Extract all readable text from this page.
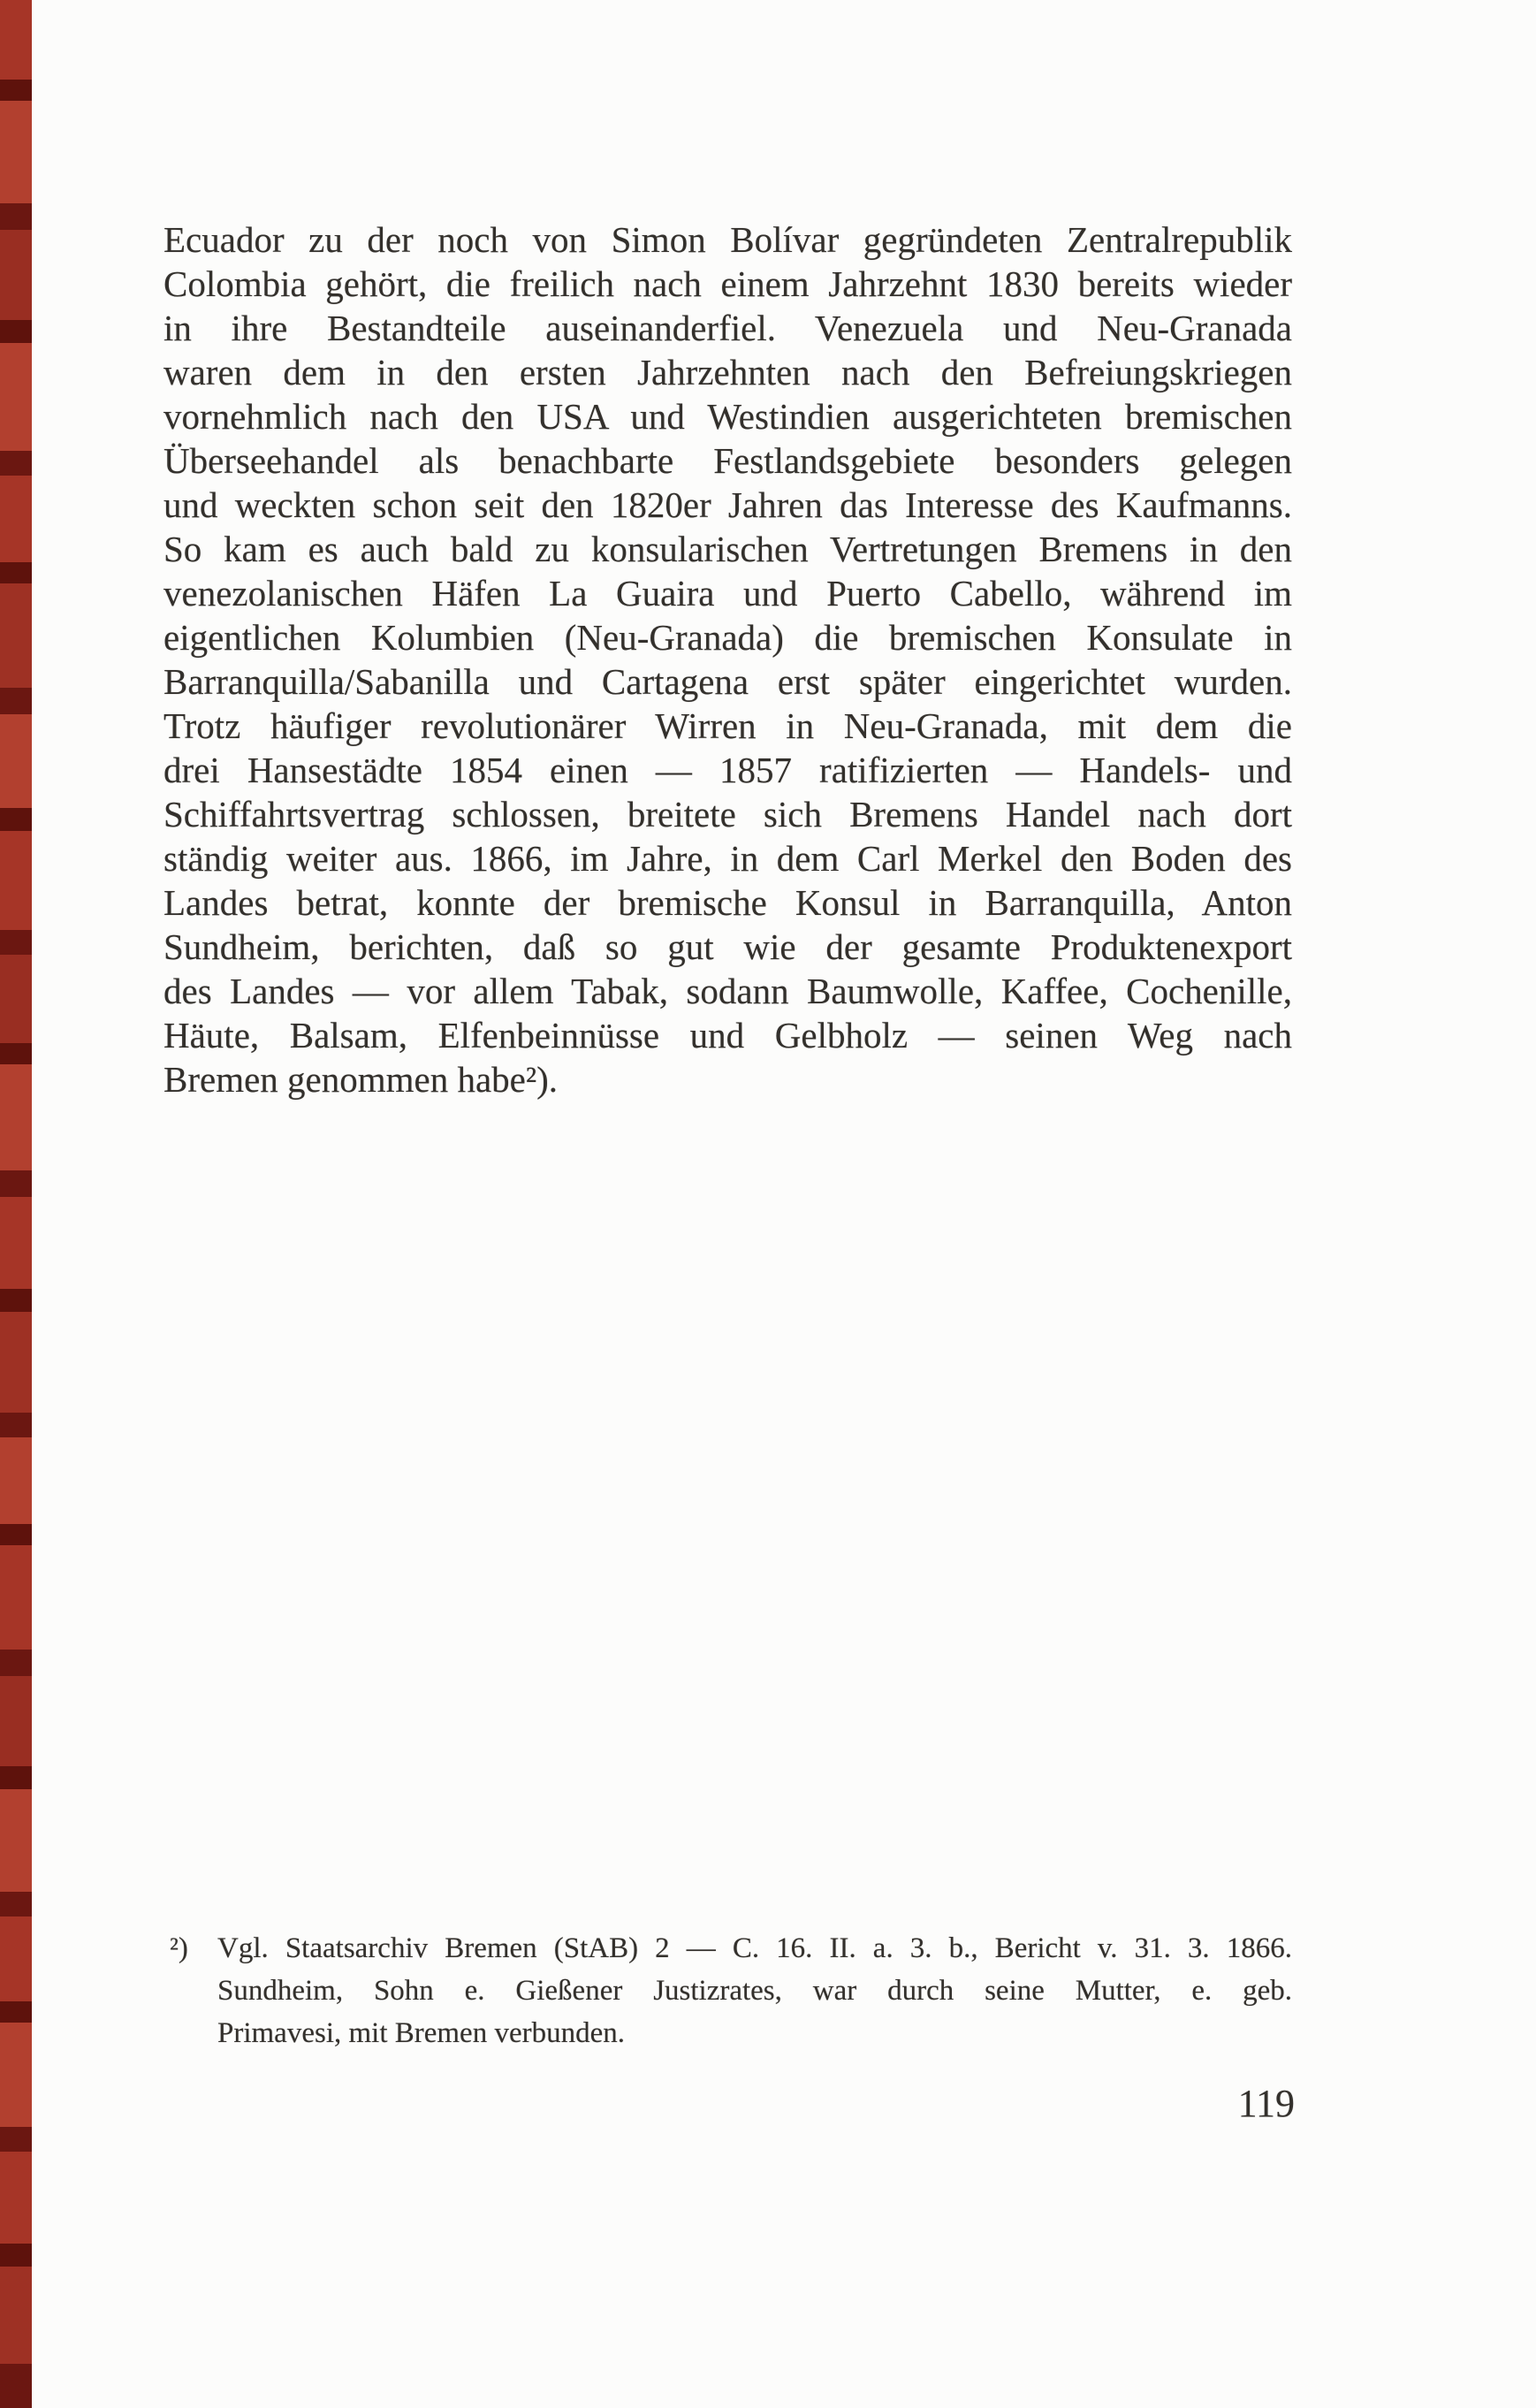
Ecuador zu der noch von Simon Bolívar gegründeten Zentralrepublik
Colombia gehört, die freilich nach einem Jahrzehnt 1830 bereits wieder
in ihre Bestandteile auseinanderfiel. Venezuela und Neu-Granada
waren dem in den ersten Jahrzehnten nach den Befreiungskriegen
vornehmlich nach den USA und Westindien ausgerichteten bremischen
Überseehandel als benachbarte Festlandsgebiete besonders gelegen
und weckten schon seit den 1820er Jahren das Interesse des Kaufmanns.
So kam es auch bald zu konsularischen Vertretungen Bremens in den
venezolanischen Häfen La Guaira und Puerto Cabello, während im
eigentlichen Kolumbien (Neu-Granada) die bremischen Konsulate in
Barranquilla/Sabanilla und Cartagena erst später eingerichtet wurden.
Trotz häufiger revolutionärer Wirren in Neu-Granada, mit dem die
drei Hansestädte 1854 einen — 1857 ratifizierten — Handels- und
Schiffahrtsvertrag schlossen, breitete sich Bremens Handel nach dort
ständig weiter aus. 1866, im Jahre, in dem Carl Merkel den Boden des
Landes betrat, konnte der bremische Konsul in Barranquilla, Anton
Sundheim, berichten, daß so gut wie der gesamte Produktenexport
des Landes — vor allem Tabak, sodann Baumwolle, Kaffee, Cochenille,
Häute, Balsam, Elfenbeinnüsse und Gelbholz — seinen Weg nach
Bremen genommen habe²).
²) Vgl. Staatsarchiv Bremen (StAB) 2 — C. 16. II. a. 3. b., Bericht v. 31. 3. 1866.
Sundheim, Sohn e. Gießener Justizrates, war durch seine Mutter, e. geb.
Primavesi, mit Bremen verbunden.
119
